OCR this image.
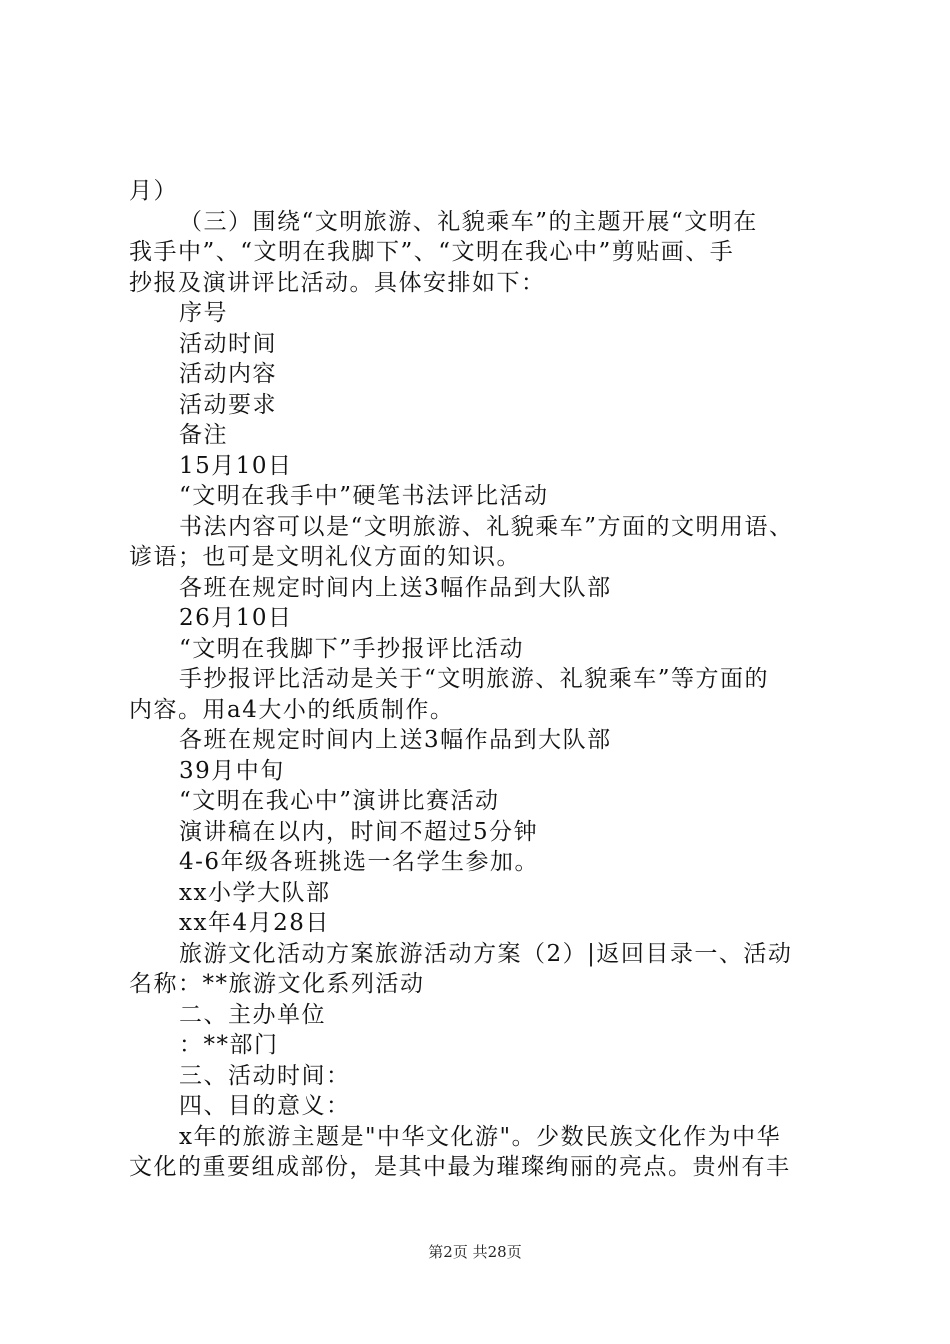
月）
（三）围绕“文明旅游、礼貌乘车”的主题开展“文明在
我手中”、“文明在我脚下”、“文明在我心中”剪贴画、手
抄报及演讲评比活动。具体安排如下：
序号
活动时间
活动内容
活动要求
备注
15月10日
“文明在我手中”硬笔书法评比活动
书法内容可以是“文明旅游、礼貌乘车”方面的文明用语、
谚语；也可是文明礼仪方面的知识。
各班在规定时间内上送3幅作品到大队部
26月10日
“文明在我脚下”手抄报评比活动
手抄报评比活动是关于“文明旅游、礼貌乘车”等方面的
内容。用a4大小的纸质制作。
各班在规定时间内上送3幅作品到大队部
39月中旬
“文明在我心中”演讲比赛活动
演讲稿在以内，时间不超过5分钟
4-6年级各班挑选一名学生参加。
xx小学大队部
xx年4月28日
旅游文化活动方案旅游活动方案（2）|返回目录一、活动
名称：**旅游文化系列活动
二、主办单位
：**部门
三、活动时间：
四、目的意义：
x年的旅游主题是"中华文化游"。少数民族文化作为中华
文化的重要组成部份，是其中最为璀璨绚丽的亮点。贵州有丰
第2页 共28页
